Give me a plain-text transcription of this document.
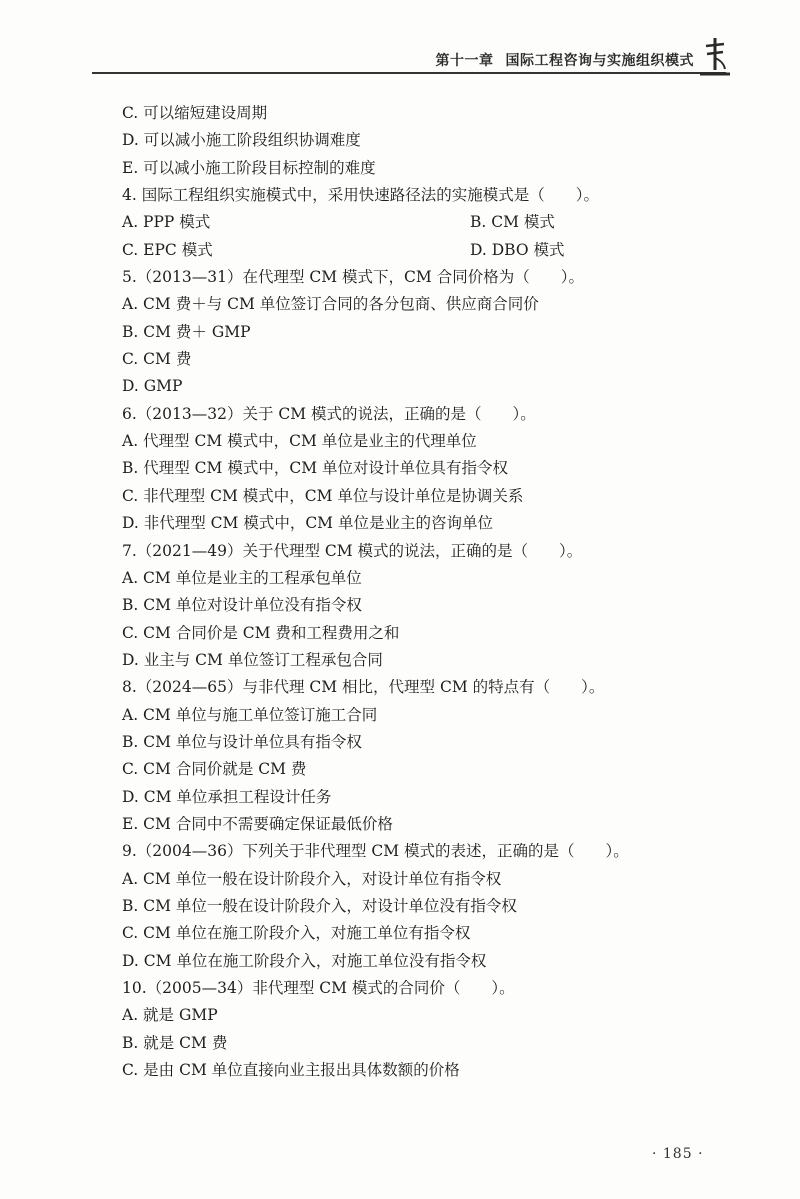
第十一章 国际工程咨询与实施组织模式
C. 可以缩短建设周期
D. 可以减小施工阶段组织协调难度
E. 可以减小施工阶段目标控制的难度
4. 国际工程组织实施模式中，采用快速路径法的实施模式是（　　）。
A. PPP 模式	B. CM 模式
C. EPC 模式	D. DBO 模式
5.（2013—31）在代理型 CM 模式下，CM 合同价格为（　　）。
A. CM 费＋与 CM 单位签订合同的各分包商、供应商合同价
B. CM 费＋ GMP
C. CM 费
D. GMP
6.（2013—32）关于 CM 模式的说法，正确的是（　　）。
A. 代理型 CM 模式中，CM 单位是业主的代理单位
B. 代理型 CM 模式中，CM 单位对设计单位具有指令权
C. 非代理型 CM 模式中，CM 单位与设计单位是协调关系
D. 非代理型 CM 模式中，CM 单位是业主的咨询单位
7.（2021—49）关于代理型 CM 模式的说法，正确的是（　　）。
A. CM 单位是业主的工程承包单位
B. CM 单位对设计单位没有指令权
C. CM 合同价是 CM 费和工程费用之和
D. 业主与 CM 单位签订工程承包合同
8.（2024—65）与非代理 CM 相比，代理型 CM 的特点有（　　）。
A. CM 单位与施工单位签订施工合同
B. CM 单位与设计单位具有指令权
C. CM 合同价就是 CM 费
D. CM 单位承担工程设计任务
E. CM 合同中不需要确定保证最低价格
9.（2004—36）下列关于非代理型 CM 模式的表述，正确的是（　　）。
A. CM 单位一般在设计阶段介入，对设计单位有指令权
B. CM 单位一般在设计阶段介入，对设计单位没有指令权
C. CM 单位在施工阶段介入，对施工单位有指令权
D. CM 单位在施工阶段介入，对施工单位没有指令权
10.（2005—34）非代理型 CM 模式的合同价（　　）。
A. 就是 GMP
B. 就是 CM 费
C. 是由 CM 单位直接向业主报出具体数额的价格
· 185 ·
